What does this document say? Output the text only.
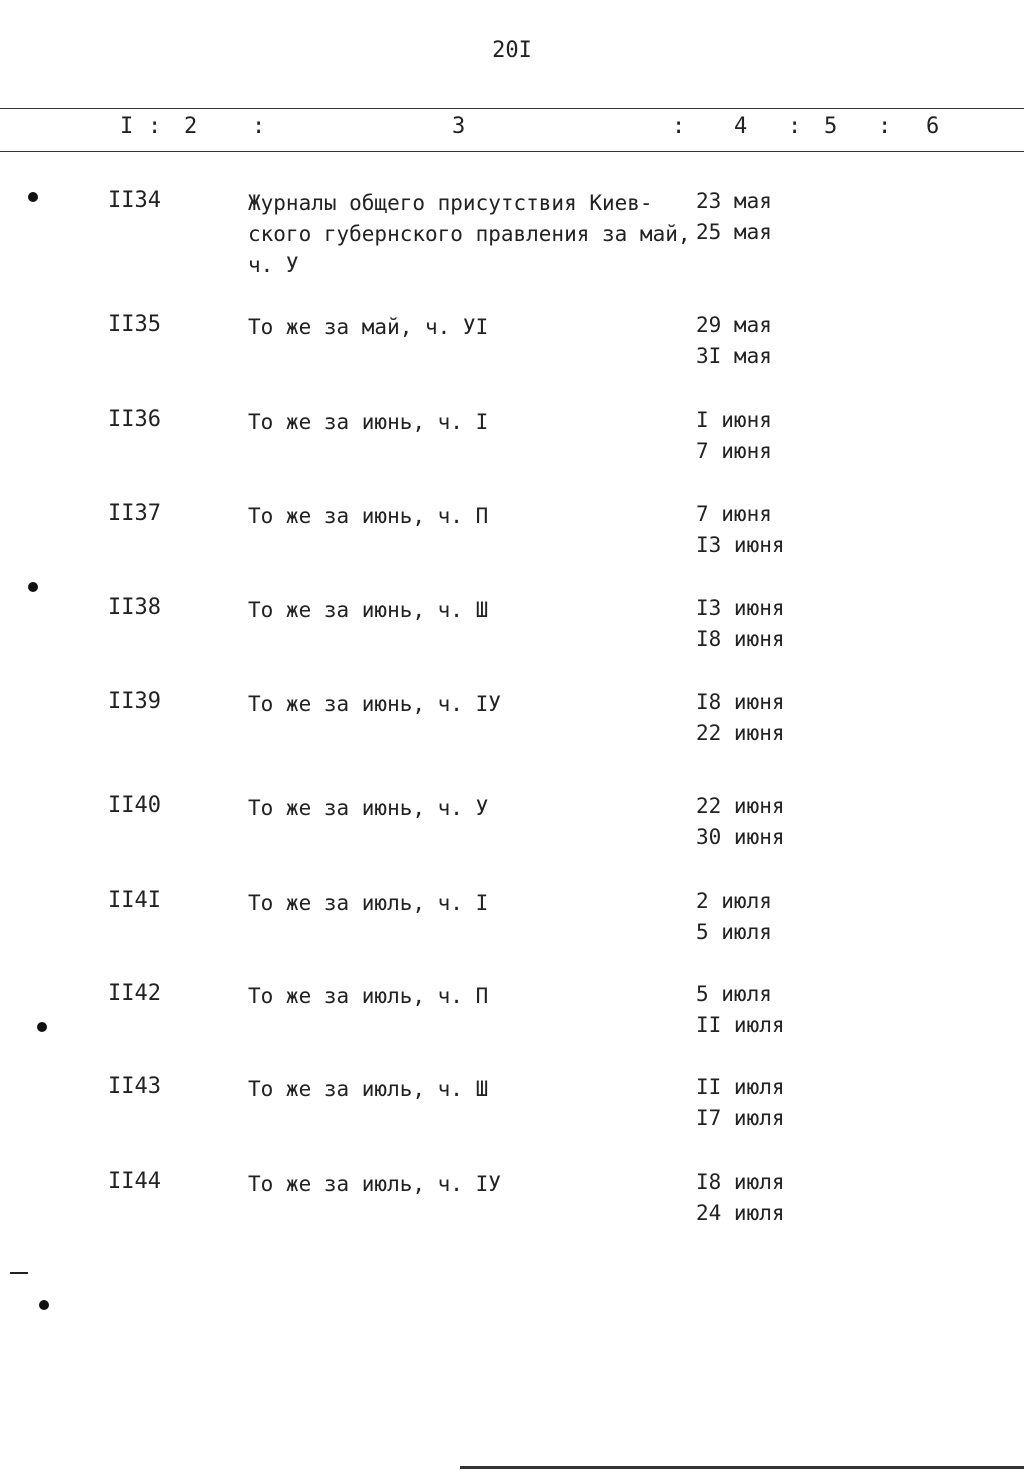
20I
I : 2 :	3	: 4 : 5 : 6
II34	Журналы общего присутствия Киев-
ского губернского правления за май,
ч. У
23 мая
25 мая
II35	То же за май, ч. УI	29 мая
3I мая
II36	То же за июнь, ч. I	I июня
7 июня
II37	То же за июнь, ч. П	7 июня
I3 июня
II38	То же за июнь, ч. Ш	I3 июня
I8 июня
II39	То же за июнь, ч. IУ	I8 июня
22 июня
II40	То же за июнь, ч. У	22 июня
30 июня
II4I	То же за июль, ч. I	2 июля
5 июля
II42	То же за июль, ч. П	5 июля
II июля
II43	То же за июль, ч. Ш	II июля
I7 июля
II44	То же за июль, ч. IУ	I8 июля
24 июля
